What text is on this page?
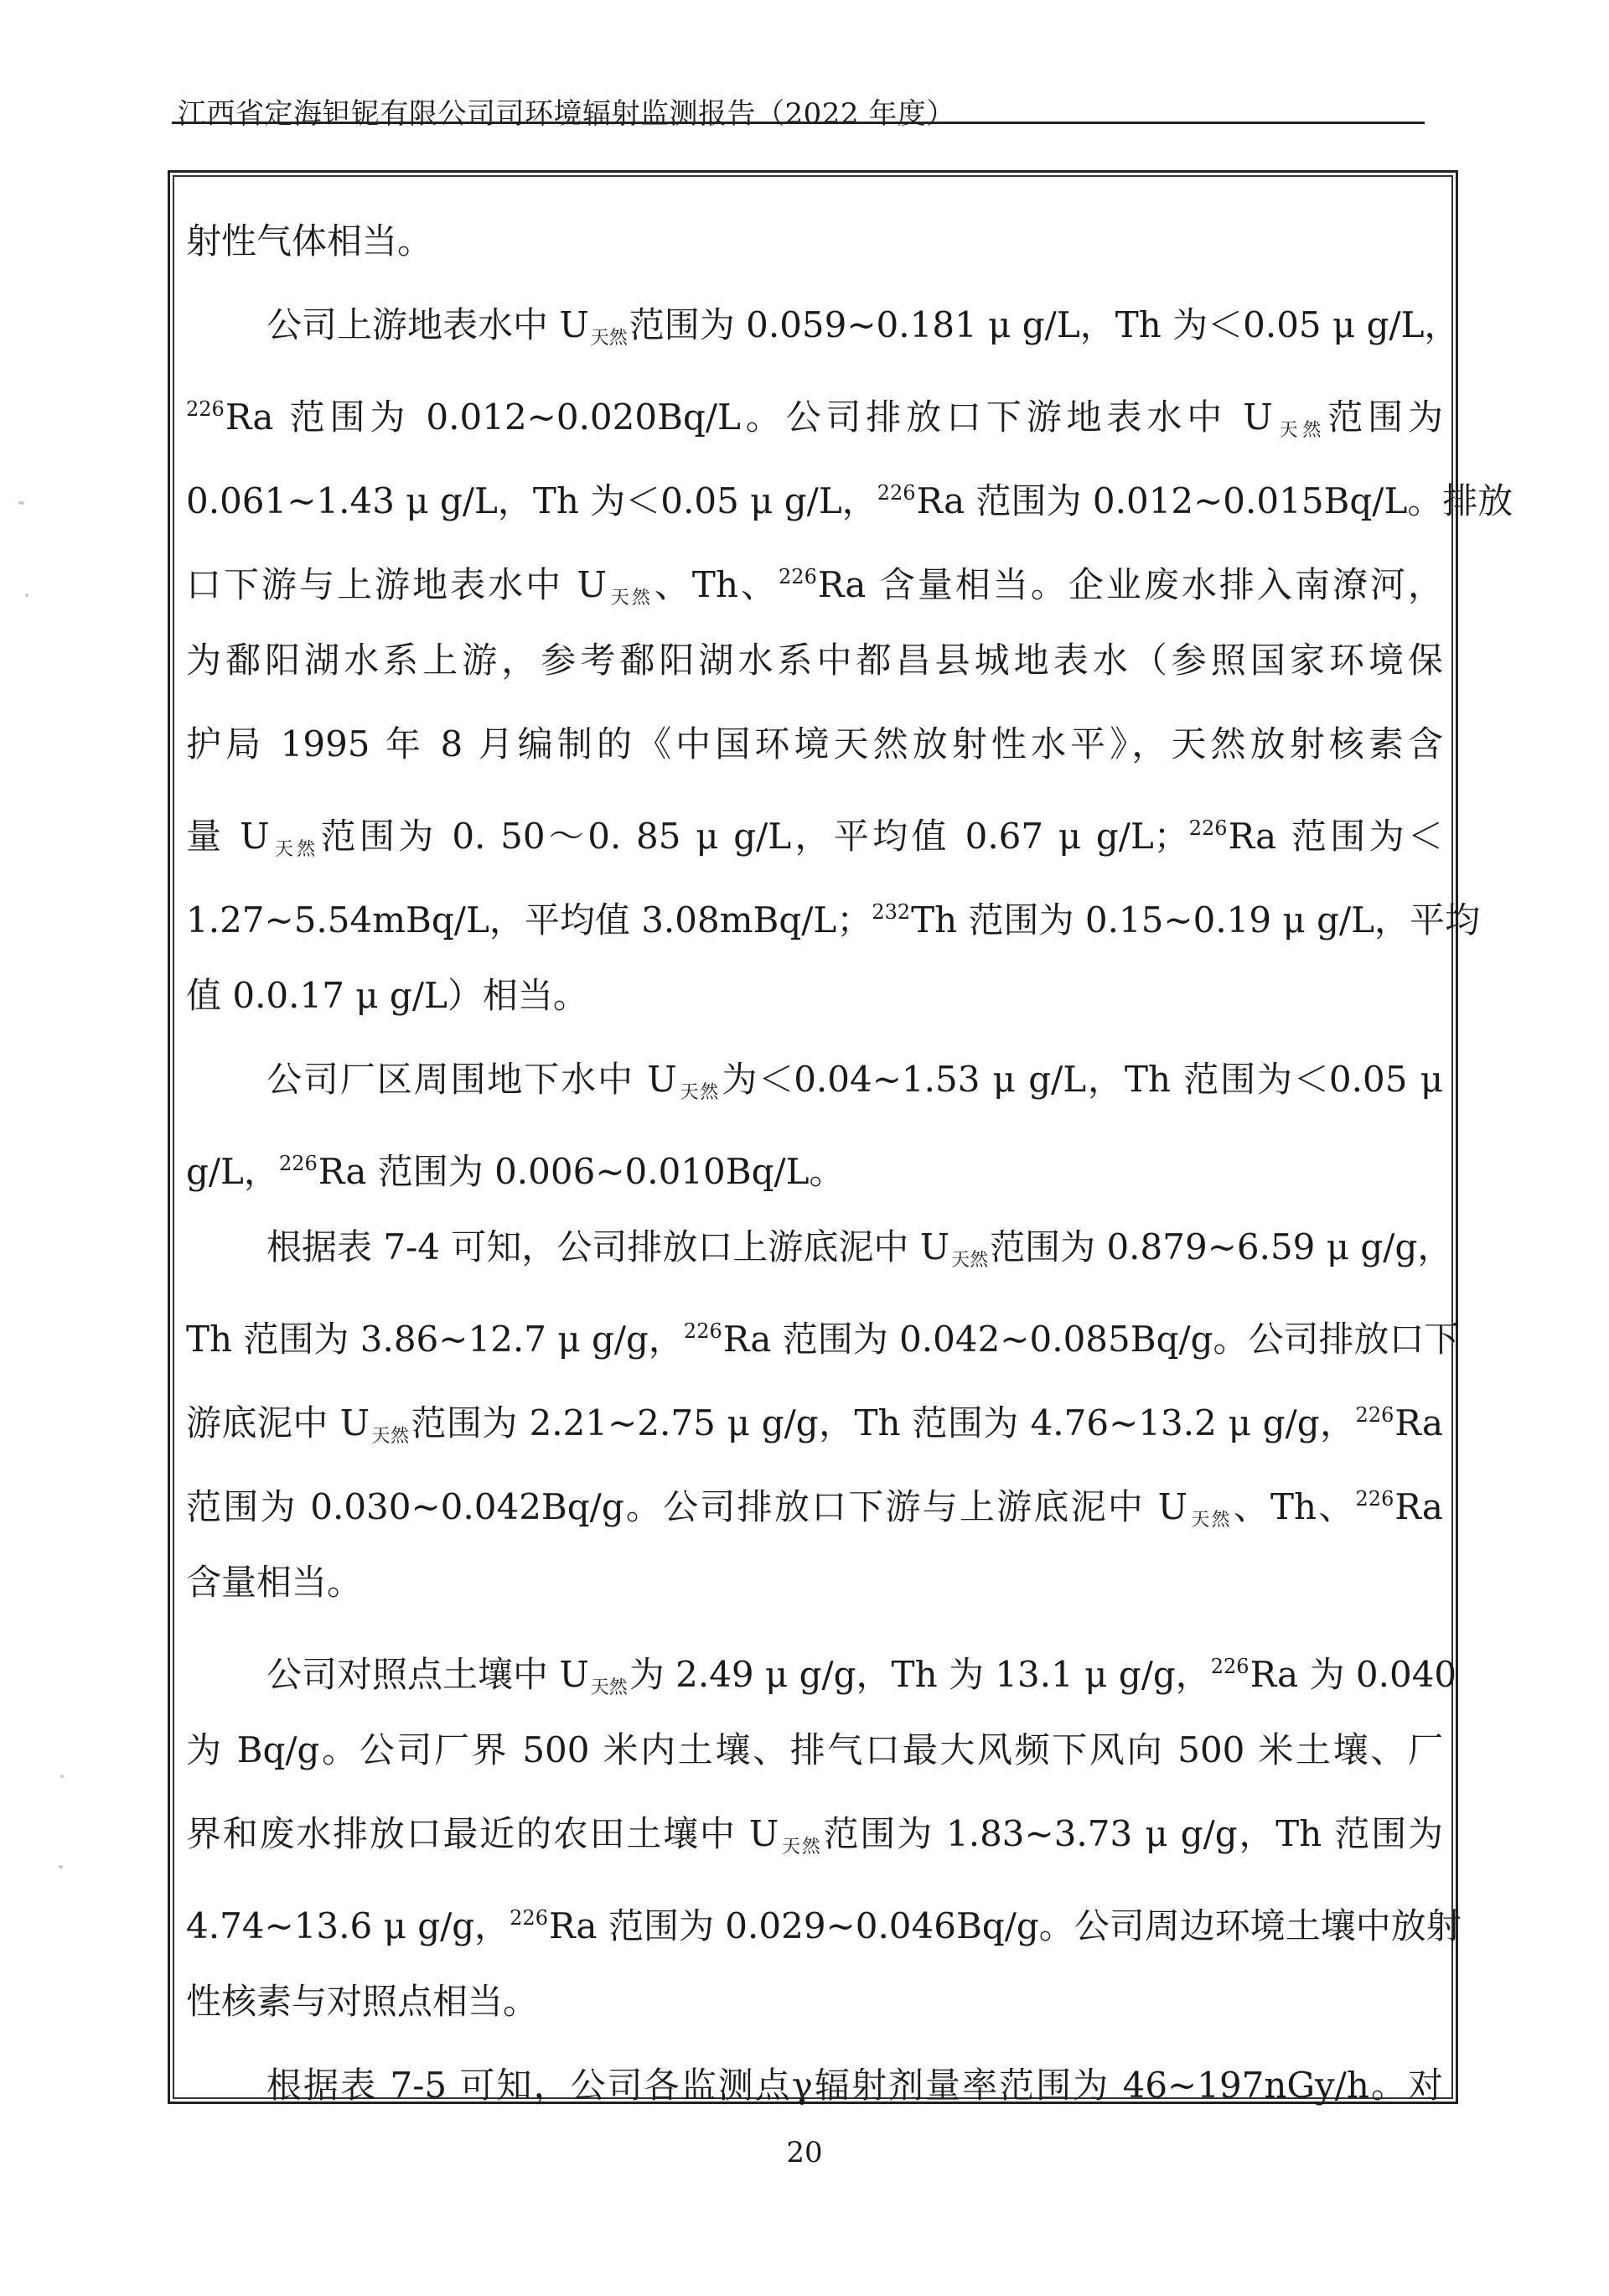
江西省定海钽铌有限公司司环境辐射监测报告（2022 年度）
射性气体相当。
公司上游地表水中 $U_{天然}$范围为 0.059~0.181 μ g/L，Th 为＜0.05 μ g/L，
$^{226}$Ra 范围为 0.012~0.020Bq/L。公司排放口下游地表水中 $U_{天然}$范围为
0.061~1.43 μ g/L，Th 为＜0.05 μ g/L，$^{226}$Ra 范围为 0.012~0.015Bq/L。排放
口下游与上游地表水中 $U_{天然}$、Th、$^{226}$Ra 含量相当。企业废水排入南潦河，
为鄱阳湖水系上游，参考鄱阳湖水系中都昌县城地表水（参照国家环境保
护局 1995 年 8 月编制的《中国环境天然放射性水平》，天然放射核素含
量 $U_{天然}$范围为 0. 50～0. 85 μ g/L，平均值 0.67 μ g/L；$^{226}$Ra 范围为＜
1.27~5.54mBq/L，平均值 3.08mBq/L；$^{232}$Th 范围为 0.15~0.19 μ g/L，平均
值 0.0.17 μ g/L）相当。
公司厂区周围地下水中 $U_{天然}$为＜0.04~1.53 μ g/L，Th 范围为＜0.05 μ
g/L，$^{226}$Ra 范围为 0.006~0.010Bq/L。
根据表 7-4 可知，公司排放口上游底泥中 $U_{天然}$范围为 0.879~6.59 μ g/g，
Th 范围为 3.86~12.7 μ g/g，$^{226}$Ra 范围为 0.042~0.085Bq/g。公司排放口下
游底泥中 $U_{天然}$范围为 2.21~2.75 μ g/g，Th 范围为 4.76~13.2 μ g/g，$^{226}$Ra
范围为 0.030~0.042Bq/g。公司排放口下游与上游底泥中 $U_{天然}$、Th、$^{226}$Ra
含量相当。
公司对照点土壤中 $U_{天然}$为 2.49 μ g/g，Th 为 13.1 μ g/g，$^{226}$Ra 为 0.040
为 Bq/g。公司厂界 500 米内土壤、排气口最大风频下风向 500 米土壤、厂
界和废水排放口最近的农田土壤中 $U_{天然}$范围为 1.83~3.73 μ g/g，Th 范围为
4.74~13.6 μ g/g，$^{226}$Ra 范围为 0.029~0.046Bq/g。公司周边环境土壤中放射
性核素与对照点相当。
根据表 7-5 可知，公司各监测点γ辐射剂量率范围为 46~197nGy/h。对
20
